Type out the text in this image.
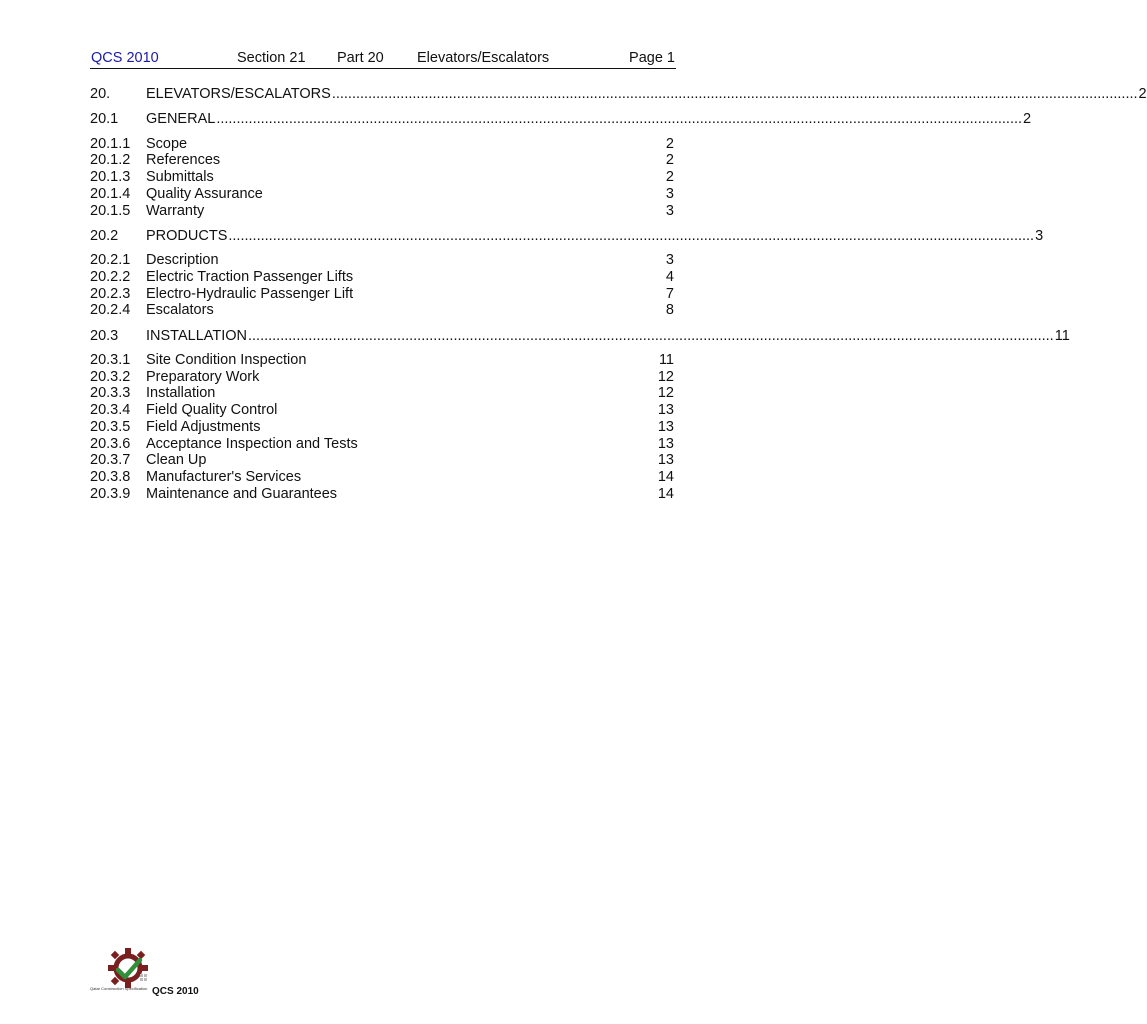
QCS 2010	Section 21 Part 20 Elevators/Escalators	Page 1
20. ELEVATORS/ESCALATORS ........................................................................................................................................................................................................ 2
20.1 GENERAL ........................................................................................................................................................................................................ 2
20.1.1 Scope	2
20.1.2 References	2
20.1.3 Submittals	2
20.1.4 Quality Assurance	3
20.1.5 Warranty	3
20.2 PRODUCTS ........................................................................................................................................................................................................ 3
20.2.1 Description	3
20.2.2 Electric Traction Passenger Lifts	4
20.2.3 Electro-Hydraulic Passenger Lift	7
20.2.4 Escalators	8
20.3 INSTALLATION ........................................................................................................................................................................................................ 11
20.3.1 Site Condition Inspection	11
20.3.2 Preparatory Work	12
20.3.3 Installation	12
20.3.4 Field Quality Control	13
20.3.5 Field Adjustments	13
20.3.6 Acceptance Inspection and Tests	13
20.3.7 Clean Up	13
20.3.8 Manufacturer's Services	14
20.3.9 Maintenance and Guarantees	14
Qatar Construction Specification QCS 2010
